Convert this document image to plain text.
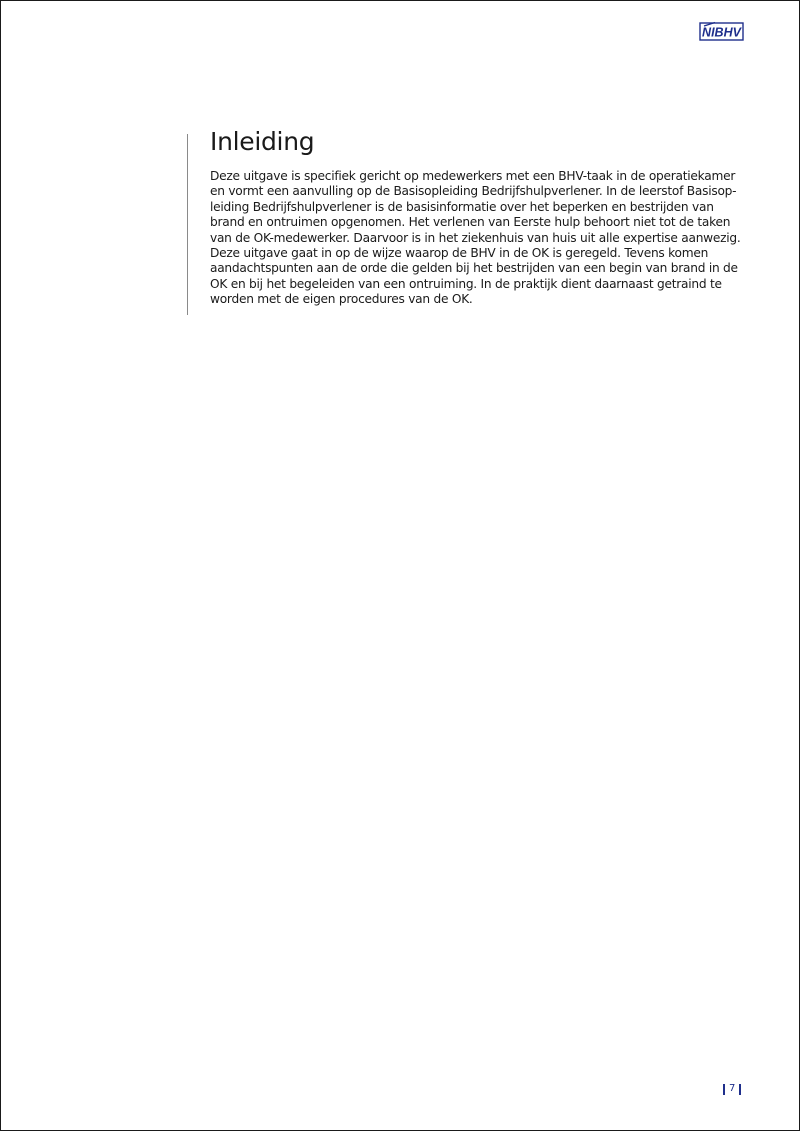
NIBHV
Inleiding

Deze uitgave is specifiek gericht op medewerkers met een BHV-taak in de operatiekamer
en vormt een aanvulling op de Basisopleiding Bedrijfshulpverlener. In de leerstof Basisop-
leiding Bedrijfshulpverlener is de basisinformatie over het beperken en bestrijden van
brand en ontruimen opgenomen. Het verlenen van Eerste hulp behoort niet tot de taken
van de OK-medewerker. Daarvoor is in het ziekenhuis van huis uit alle expertise aanwezig.
Deze uitgave gaat in op de wijze waarop de BHV in de OK is geregeld. Tevens komen
aandachtspunten aan de orde die gelden bij het bestrijden van een begin van brand in de
OK en bij het begeleiden van een ontruiming. In de praktijk dient daarnaast getraind te
worden met de eigen procedures van de OK.

7
